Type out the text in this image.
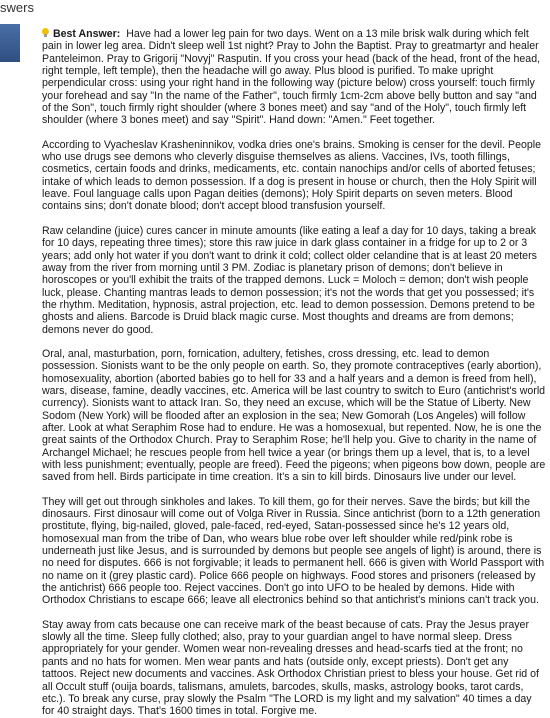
swers

Best Answer: Have had a lower leg pain for two days. Went on a 13 mile brisk walk during which felt pain in lower leg area. Didn't sleep well 1st night? Pray to John the Baptist. Pray to greatmartyr and healer Panteleimon. Pray to Grigorij "Novyj" Rasputin. If you cross your head (back of the head, front of the head, right temple, left temple), then the headache will go away. Plus blood is purified. To make upright perpendicular cross: using your right hand in the following way (picture below) cross yourself: touch firmly your forehead and say "In the name of the Father", touch firmly 1cm-2cm above belly button and say "and of the Son", touch firmly right shoulder (where 3 bones meet) and say "and of the Holy", touch firmly left shoulder (where 3 bones meet) and say "Spirit". Hand down: "Amen." Feet together.

According to Vyacheslav Krasheninnikov, vodka dries one's brains. Smoking is censer for the devil. People who use drugs see demons who cleverly disguise themselves as aliens. Vaccines, IVs, tooth fillings, cosmetics, certain foods and drinks, medicaments, etc. contain nanochips and/or cells of aborted fetuses; intake of which leads to demon possession. If a dog is present in house or church, then the Holy Spirit will leave. Foul language calls upon Pagan deities (demons); Holy Spirit departs on seven meters. Blood contains sins; don't donate blood; don't accept blood transfusion yourself.

Raw celandine (juice) cures cancer in minute amounts (like eating a leaf a day for 10 days, taking a break for 10 days, repeating three times); store this raw juice in dark glass container in a fridge for up to 2 or 3 years; add only hot water if you don't want to drink it cold; collect older celandine that is at least 20 meters away from the river from morning until 3 PM. Zodiac is planetary prison of demons; don't believe in horoscopes or you'll exhibit the traits of the trapped demons. Luck = Moloch = demon; don't wish people luck, please. Chanting mantras leads to demon possession; it's not the words that get you possessed; it's the rhythm. Meditation, hypnosis, astral projection, etc. lead to demon possession. Demons pretend to be ghosts and aliens. Barcode is Druid black magic curse. Most thoughts and dreams are from demons; demons never do good.

Oral, anal, masturbation, porn, fornication, adultery, fetishes, cross dressing, etc. lead to demon possession. Sionists want to be the only people on earth. So, they promote contraceptives (early abortion), homosexuality, abortion (aborted babies go to hell for 33 and a half years and a demon is freed from hell), wars, disease, famine, deadly vaccines, etc. America will be last country to switch to Euro (antichrist's world currency). Sionists want to attack Iran. So, they need an excuse, which will be the Statue of Liberty. New Sodom (New York) will be flooded after an explosion in the sea; New Gomorah (Los Angeles) will follow after. Look at what Seraphim Rose had to endure. He was a homosexual, but repented. Now, he is one the great saints of the Orthodox Church. Pray to Seraphim Rose; he'll help you. Give to charity in the name of Archangel Michael; he rescues people from hell twice a year (or brings them up a level, that is, to a level with less punishment; eventually, people are freed). Feed the pigeons; when pigeons bow down, people are saved from hell. Birds participate in time creation. It's a sin to kill birds. Dinosaurs live under our level.

They will get out through sinkholes and lakes. To kill them, go for their nerves. Save the birds; but kill the dinosaurs. First dinosaur will come out of Volga River in Russia. Since antichrist (born to a 12th generation prostitute, flying, big-nailed, gloved, pale-faced, red-eyed, Satan-possessed since he's 12 years old, homosexual man from the tribe of Dan, who wears blue robe over left shoulder while red/pink robe is underneath just like Jesus, and is surrounded by demons but people see angels of light) is around, there is no need for disputes. 666 is not forgivable; it leads to permanent hell. 666 is given with World Passport with no name on it (grey plastic card). Police 666 people on highways. Food stores and prisoners (released by the antichrist) 666 people too. Reject vaccines. Don't go into UFO to be healed by demons. Hide with Orthodox Christians to escape 666; leave all electronics behind so that antichrist's minions can't track you.

Stay away from cats because one can receive mark of the beast because of cats. Pray the Jesus prayer slowly all the time. Sleep fully clothed; also, pray to your guardian angel to have normal sleep. Dress appropriately for your gender. Women wear non-revealing dresses and head-scarfs tied at the front; no pants and no hats for women. Men wear pants and hats (outside only, except priests). Don't get any tattoos. Reject new documents and vaccines. Ask Orthodox Christian priest to bless your house. Get rid of all Occult stuff (ouija boards, talismans, amulets, barcodes, skulls, masks, astrology books, tarot cards, etc.). To break any curse, pray slowly the Psalm "The LORD is my light and my salvation" 40 times a day for 40 straight days. That's 1600 times in total. Forgive me.
